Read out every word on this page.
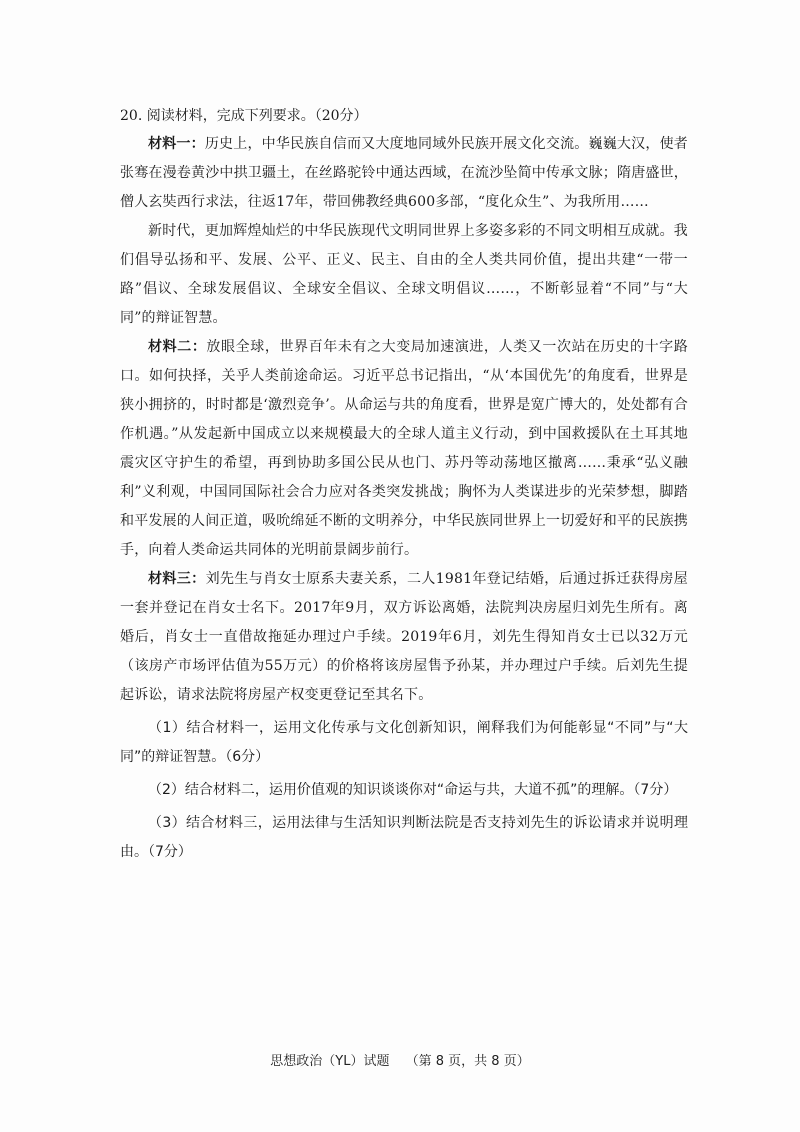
20. 阅读材料，完成下列要求。（20分）

材料一：历史上，中华民族自信而又大度地同域外民族开展文化交流。巍巍大汉，使者张骞在漫卷黄沙中拱卫疆土，在丝路驼铃中通达西域，在流沙坠简中传承文脉；隋唐盛世，僧人玄奘西行求法，往返17年，带回佛教经典600多部，“度化众生”、为我所用……

新时代，更加辉煌灿烂的中华民族现代文明同世界上多姿多彩的不同文明相互成就。我们倡导弘扬和平、发展、公平、正义、民主、自由的全人类共同价值，提出共建“一带一路”倡议、全球发展倡议、全球安全倡议、全球文明倡议……，不断彰显着“不同”与“大同”的辩证智慧。

材料二：放眼全球，世界百年未有之大变局加速演进，人类又一次站在历史的十字路口。如何抉择，关乎人类前途命运。习近平总书记指出，“从‘本国优先’的角度看，世界是狭小拥挤的，时时都是‘激烈竞争’。从命运与共的角度看，世界是宽广博大的，处处都有合作机遇。”从发起新中国成立以来规模最大的全球人道主义行动，到中国救援队在土耳其地震灾区守护生的希望，再到协助多国公民从也门、苏丹等动荡地区撤离……秉承“弘义融利”义利观，中国同国际社会合力应对各类突发挑战；胸怀为人类谋进步的光荣梦想，脚踏和平发展的人间正道，吸吮绵延不断的文明养分，中华民族同世界上一切爱好和平的民族携手，向着人类命运共同体的光明前景阔步前行。

材料三：刘先生与肖女士原系夫妻关系，二人1981年登记结婚，后通过拆迁获得房屋一套并登记在肖女士名下。2017年9月，双方诉讼离婚，法院判决房屋归刘先生所有。离婚后，肖女士一直借故拖延办理过户手续。2019年6月，刘先生得知肖女士已以32万元（该房产市场评估值为55万元）的价格将该房屋售予孙某，并办理过户手续。后刘先生提起诉讼，请求法院将房屋产权变更登记至其名下。

（1）结合材料一，运用文化传承与文化创新知识，阐释我们为何能彰显“不同”与“大同”的辩证智慧。（6分）

（2）结合材料二，运用价值观的知识谈谈你对“命运与共，大道不孤”的理解。（7分）

（3）结合材料三，运用法律与生活知识判断法院是否支持刘先生的诉讼请求并说明理由。（7分）

思想政治（YL）试题 （第 8 页，共 8 页）
